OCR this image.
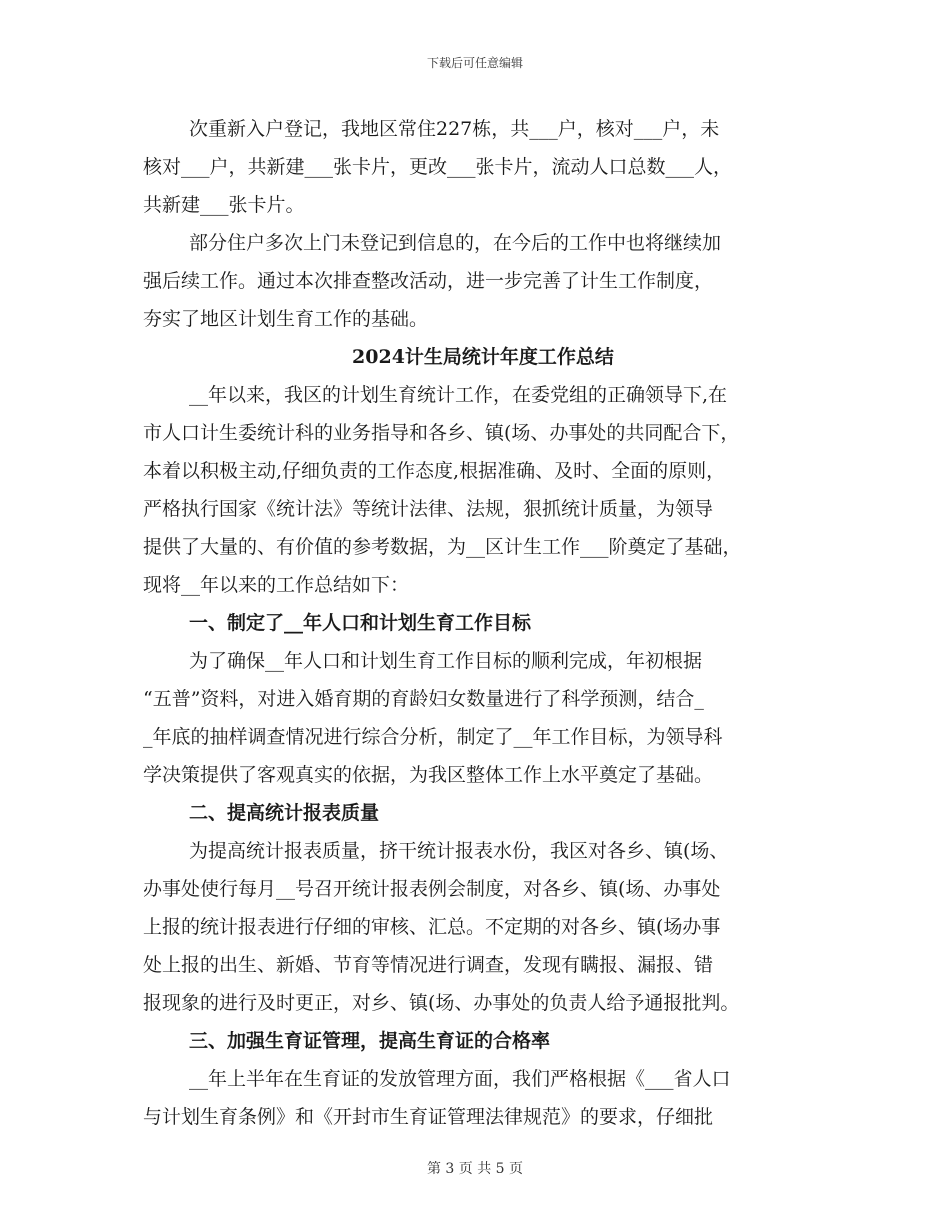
下载后可任意编辑
次重新入户登记，我地区常住227栋，共___户，核对___户，未
核对___户，共新建___张卡片，更改___张卡片，流动人口总数___人，
共新建___张卡片。
部分住户多次上门未登记到信息的，在今后的工作中也将继续加
强后续工作。通过本次排查整改活动，进一步完善了计生工作制度，
夯实了地区计划生育工作的基础。
2024计生局统计年度工作总结
__年以来，我区的计划生育统计工作，在委党组的正确领导下,在
市人口计生委统计科的业务指导和各乡、镇(场、办事处的共同配合下，
本着以积极主动,仔细负责的工作态度,根据准确、及时、全面的原则，
严格执行国家《统计法》等统计法律、法规，狠抓统计质量，为领导
提供了大量的、有价值的参考数据，为__区计生工作___阶奠定了基础，
现将__年以来的工作总结如下：
一、制定了__年人口和计划生育工作目标
为了确保__年人口和计划生育工作目标的顺利完成，年初根据
“五普”资料，对进入婚育期的育龄妇女数量进行了科学预测，结合_
_年底的抽样调查情况进行综合分析，制定了__年工作目标，为领导科
学决策提供了客观真实的依据，为我区整体工作上水平奠定了基础。
二、提高统计报表质量
为提高统计报表质量，挤干统计报表水份，我区对各乡、镇(场、
办事处使行每月__号召开统计报表例会制度，对各乡、镇(场、办事处
上报的统计报表进行仔细的审核、汇总。不定期的对各乡、镇(场办事
处上报的出生、新婚、节育等情况进行调查，发现有瞒报、漏报、错
报现象的进行及时更正，对乡、镇(场、办事处的负责人给予通报批判。
三、加强生育证管理，提高生育证的合格率
__年上半年在生育证的发放管理方面，我们严格根据《___省人口
与计划生育条例》和《开封市生育证管理法律规范》的要求，仔细批
第 3 页 共 5 页
